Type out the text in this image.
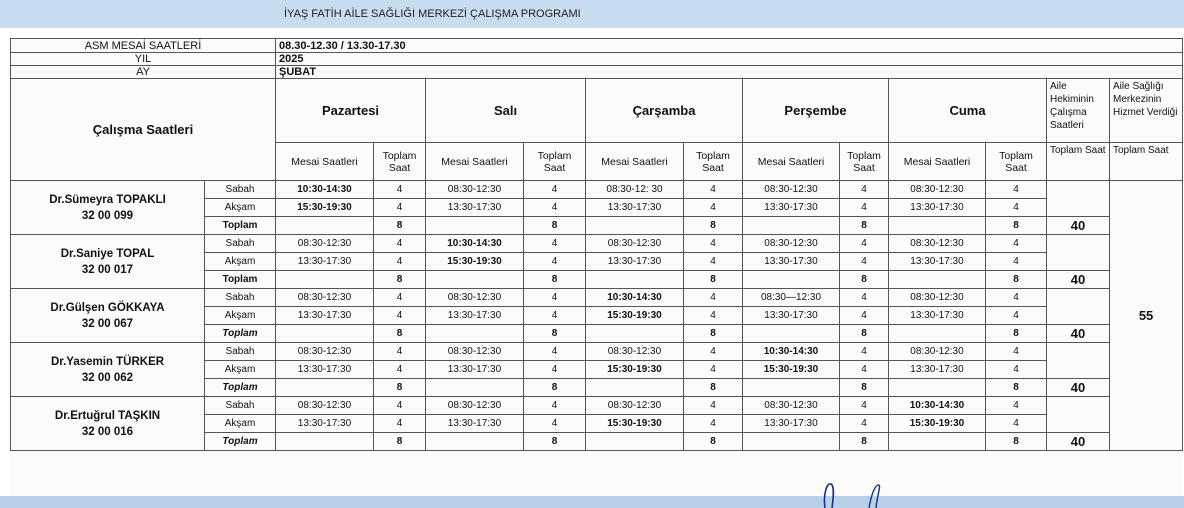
İYAŞ FATİH AİLE SAĞLIĞI MERKEZİ ÇALIŞMA PROGRAMI
ASM MESAİ SAATLERİ		08.30-12.30 / 13.30-17.30											
YIL		2025											
AY		ŞUBAT											
Çalışma Saatleri		Pazartesi		Salı		Çarşamba		Perşembe		Cuma		Aile Hekiminin Çalışma Saatleri	Aile Sağlığı Merkezinin Hizmet Verdiği
		Mesai Saatleri	Toplam Saat	Mesai Saatleri	Toplam Saat	Mesai Saatleri	Toplam Saat	Mesai Saatleri	Toplam Saat	Mesai Saatleri	Toplam Saat	Toplam Saat	Toplam Saat

Dr.Sümeyra TOPAKLI
32 00 099	Sabah	10:30-14:30	4	08:30-12:30	4	08:30-12: 30	4	08:30-12:30	4	08:30-12:30	4		55
	Akşam	15:30-19:30	4	13:30-17:30	4	13:30-17:30	4	13:30-17:30	4	13:30-17:30	4		
	Toplam		8		8		8		8		8	40	

Dr.Saniye TOPAL
32 00 017	Sabah	08:30-12:30	4	10:30-14:30	4	08:30-12:30	4	08:30-12:30	4	08:30-12:30	4		
	Akşam	13:30-17:30	4	15:30-19:30	4	13:30-17:30	4	13:30-17:30	4	13:30-17:30	4		
	Toplam		8		8		8		8		8	40	

Dr.Gülşen GÖKKAYA
32 00 067	Sabah	08:30-12:30	4	08:30-12:30	4	10:30-14:30	4	08:30—12:30	4	08:30-12:30	4		
	Akşam	13:30-17:30	4	13:30-17:30	4	15:30-19:30	4	13:30-17:30	4	13:30-17:30	4		
	Toplam		8		8		8		8		8	40	

Dr.Yasemin TÜRKER
32 00 062	Sabah	08:30-12:30	4	08:30-12:30	4	08:30-12:30	4	10:30-14:30	4	08:30-12:30	4		
	Akşam	13:30-17:30	4	13:30-17:30	4	15:30-19:30	4	15:30-19:30	4	13:30-17:30	4		
	Toplam		8		8		8		8		8	40	

Dr.Ertuğrul TAŞKIN
32 00 016	Sabah	08:30-12:30	4	08:30-12:30	4	08:30-12:30	4	08:30-12:30	4	10:30-14:30	4		
	Akşam	13:30-17:30	4	13:30-17:30	4	15:30-19:30	4	13:30-17:30	4	15:30-19:30	4		
	Toplam		8		8		8		8		8	40	
